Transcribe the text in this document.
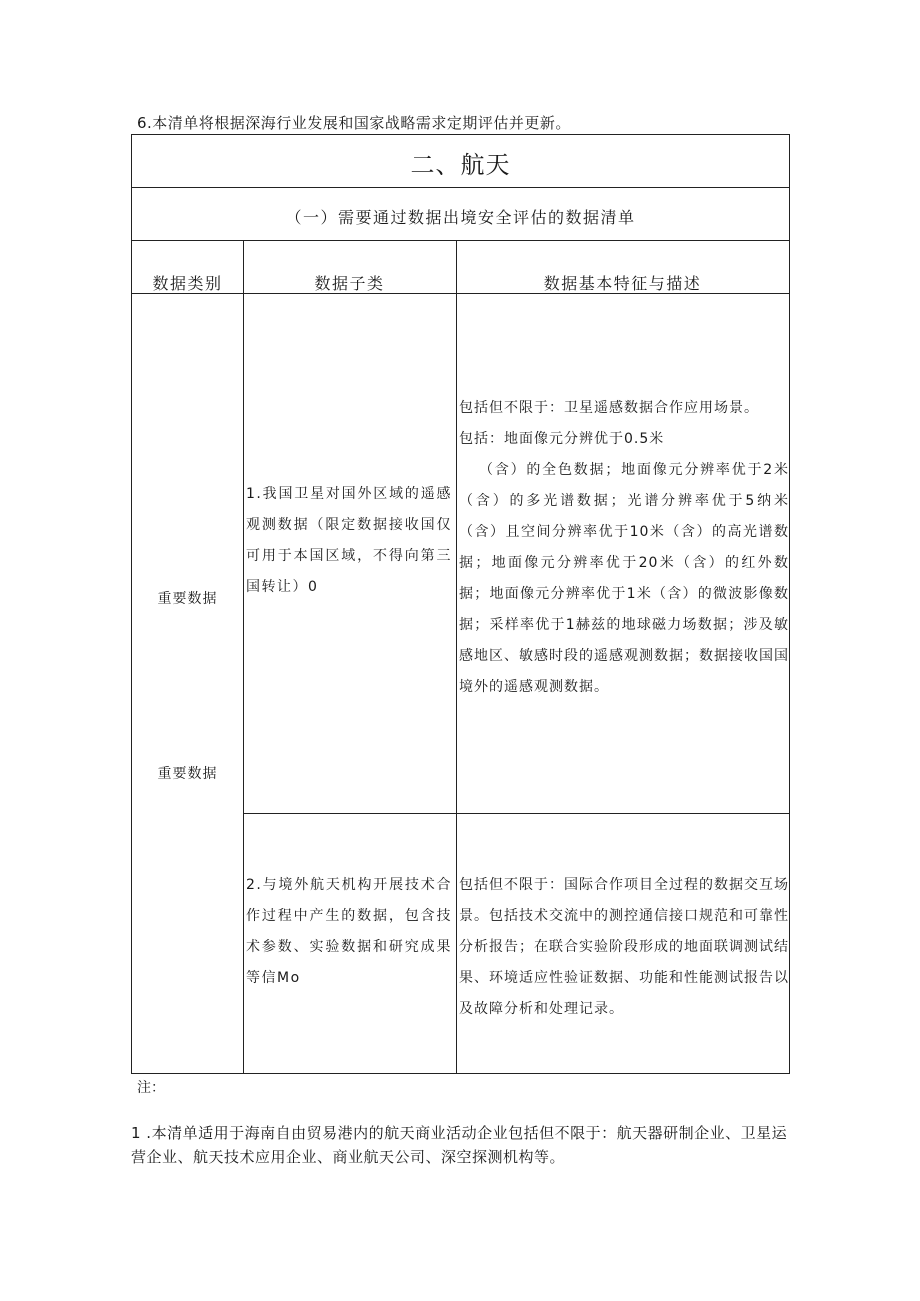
6.本清单将根据深海行业发展和国家战略需求定期评估并更新。
二、航天
（一）需要通过数据出境安全评估的数据清单
数据类别	数据子类	数据基本特征与描述
重要数据
重要数据
1.我国卫星对国外区域的遥感观测数据（限定数据接收国仅可用于本国区域，不得向第三国转让）0
包括但不限于：卫星遥感数据合作应用场景。
包括：地面像元分辨优于0.5米
（含）的全色数据；地面像元分辨率优于2米（含）的多光谱数据；光谱分辨率优于5纳米（含）且空间分辨率优于10米（含）的高光谱数据；地面像元分辨率优于20米（含）的红外数据；地面像元分辨率优于1米（含）的微波影像数据；采样率优于1赫兹的地球磁力场数据；涉及敏感地区、敏感时段的遥感观测数据；数据接收国国境外的遥感观测数据。
2.与境外航天机构开展技术合作过程中产生的数据，包含技术参数、实验数据和研究成果等信Mo
包括但不限于：国际合作项目全过程的数据交互场景。包括技术交流中的测控通信接口规范和可靠性分析报告；在联合实验阶段形成的地面联调测试结果、环境适应性验证数据、功能和性能测试报告以及故障分析和处理记录。
注：
1 .本清单适用于海南自由贸易港内的航天商业活动企业包括但不限于：航天器研制企业、卫星运营企业、航天技术应用企业、商业航天公司、深空探测机构等。
